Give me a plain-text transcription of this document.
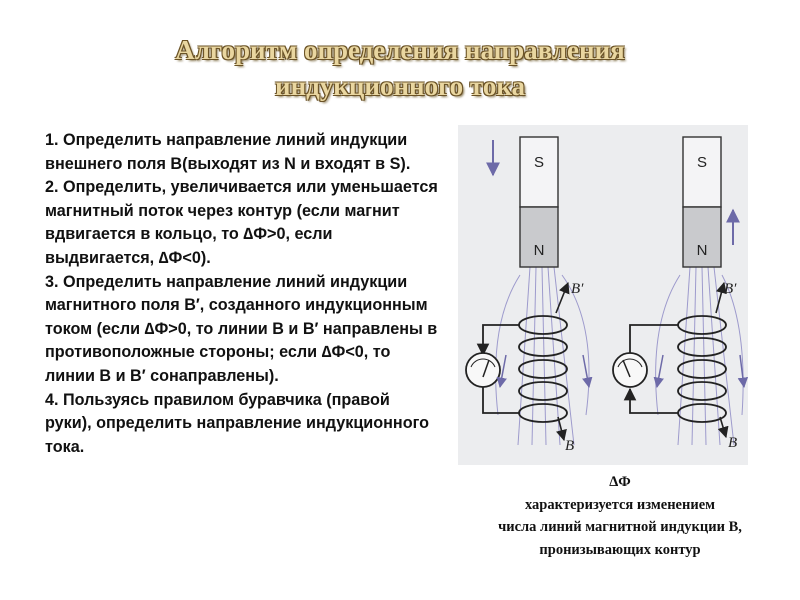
Алгоритм определения направления
индукционного тока

1. Определить направление линий индукции внешнего поля В(выходят из N и входят в S).

2. Определить, увеличивается или уменьшается магнитный поток через контур (если магнит вдвигается в кольцо, то ∆Ф>0, если выдвигается, ∆Ф<0).

3. Определить направление линий индукции магнитного поля В′, созданного индукционным током (если ∆Ф>0, то линии В и В′ направлены в противоположные стороны; если ∆Ф<0, то линии В и В′ сонаправлены).

4. Пользуясь правилом буравчика (правой руки), определить направление индукционного тока.

S
N
B′
B
S
N
B′
B
∆Ф
характеризуется изменением
числа линий магнитной индукции В,
пронизывающих контур
